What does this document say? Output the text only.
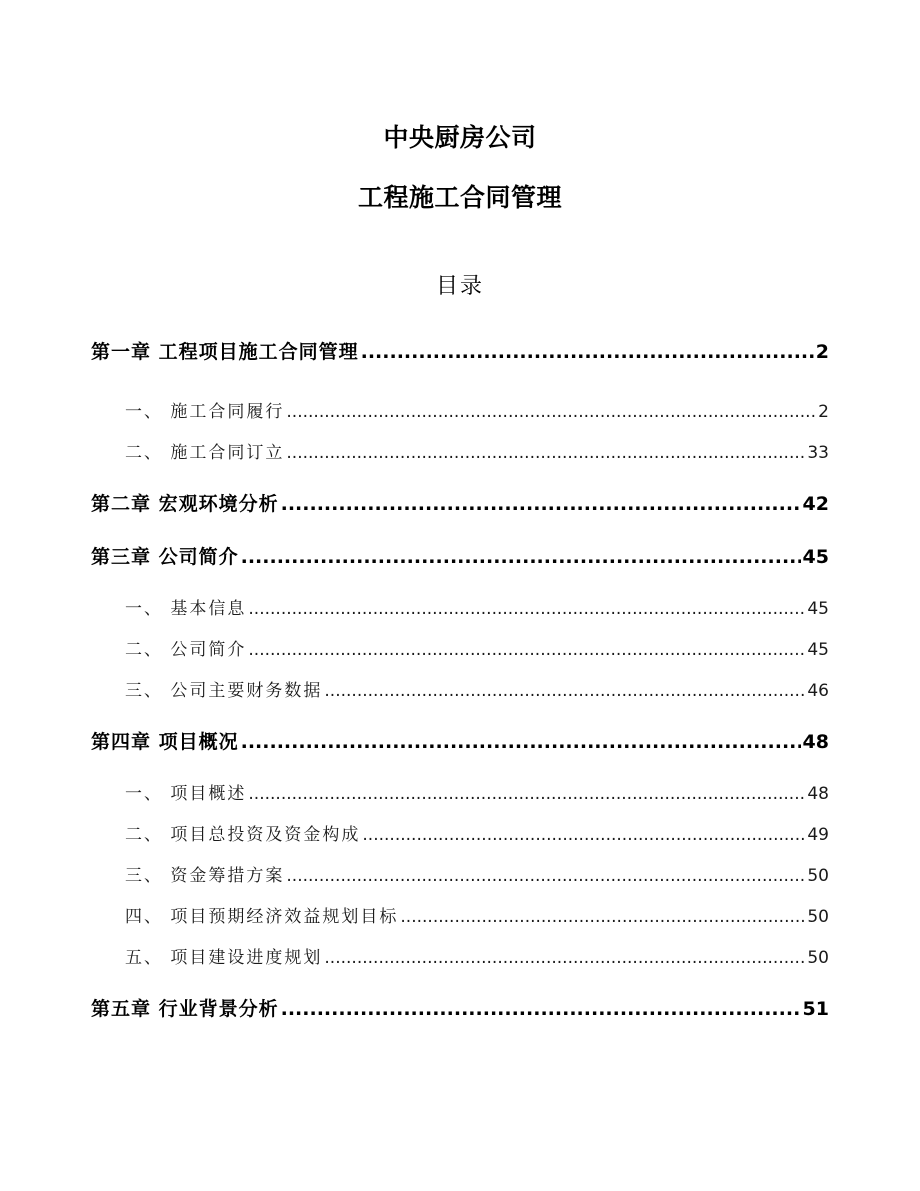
中央厨房公司
工程施工合同管理
目录
第一章 工程项目施工合同管理 .....	2
一、 施工合同履行 .....	2
二、 施工合同订立 .....	33
第二章 宏观环境分析 .....	42
第三章 公司简介 .....	45
一、 基本信息 .....	45
二、 公司简介 .....	45
三、 公司主要财务数据 .....	46
第四章 项目概况 .....	48
一、 项目概述 .....	48
二、 项目总投资及资金构成 .....	49
三、 资金筹措方案 .....	50
四、 项目预期经济效益规划目标 .....	50
五、 项目建设进度规划 .....	50
第五章 行业背景分析 .....	51
